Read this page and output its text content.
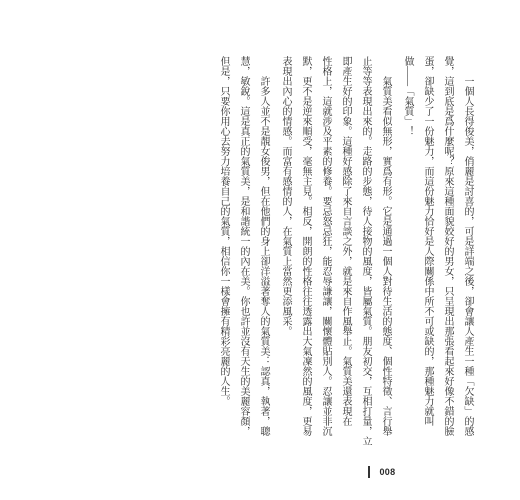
一個人長得俊美，俏麗是討喜的，可是詳端之後，卻會讓人產生一種「欠缺」的感
覺，這到底是爲什麼呢？原來這種面貌姣好的男女，只呈現出那張看起來好像不錯的臉
蛋，卻缺少了一份魅力，而這份魅力恰好是人際關係中所不可或缺的，那種魅力就叫
做——「氣質」！
氣質美看似無形，實爲有形。它是通過一個人對待生活的態度、個性特徵、言行舉
止等等表現出來的。走路的步態，待人接物的風度，皆屬氣質。朋友初交，互相打量，立
即產生好的印象。這種好感除了來自言談之外，就是來自作風舉止。氣質美還表現在
性格上，這就涉及平素的修養。要忌怒忌狂，能忍辱謙讓，關懷體貼別人。忍讓並非沉
默，更不是逆來順受，毫無主見。相反，開朗的性格往往透露出大氣凜然的風度，更易
表現出內心的情感。而富有感情的人，在氣質上當然更添風采。
許多人並不是靚女俊男，但在他們的身上卻洋溢著奪人的氣質美：認真，執著，聰
慧，敏銳。這是真正的氣質美，是和諧統一的內在美。你也許並沒有天生的美麗容顏，
但是，只要你用心去努力培養自己的氣質，相信你一樣會擁有精彩亮麗的人生。
008
